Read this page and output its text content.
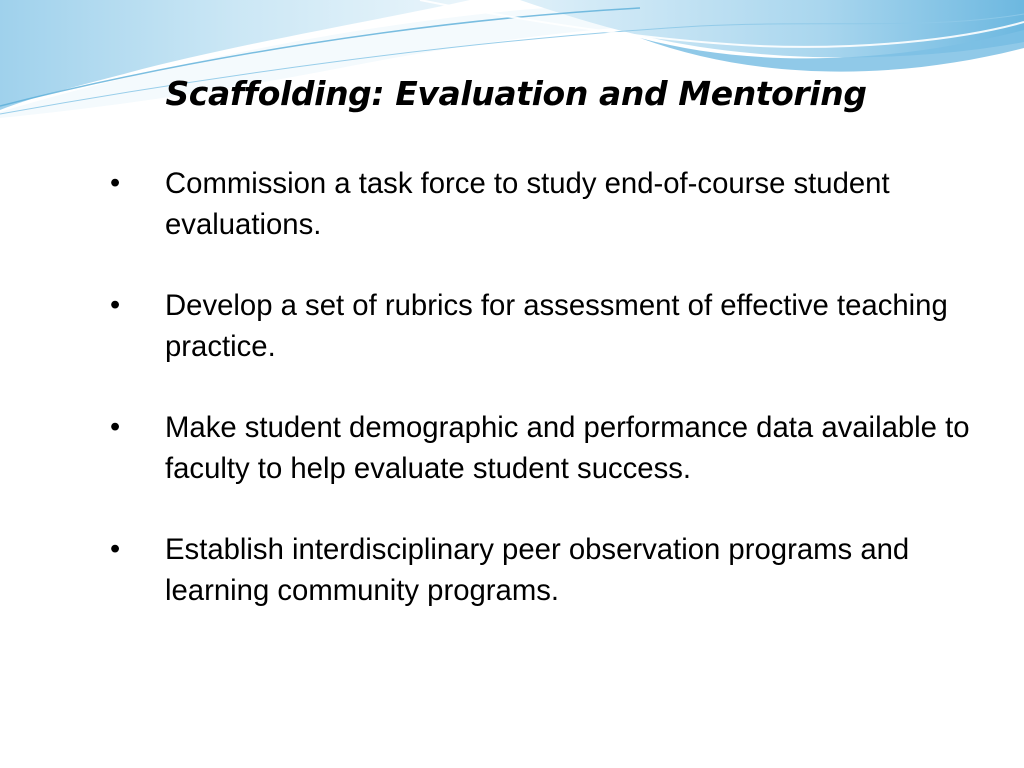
Scaffolding: Evaluation and Mentoring
•	Commission a task force to study end-of-course student evaluations.
•	Develop a set of rubrics for assessment of effective teaching practice.
•	Make student demographic and performance data available to faculty to help evaluate student success.
•	Establish interdisciplinary peer observation programs and learning community programs.
